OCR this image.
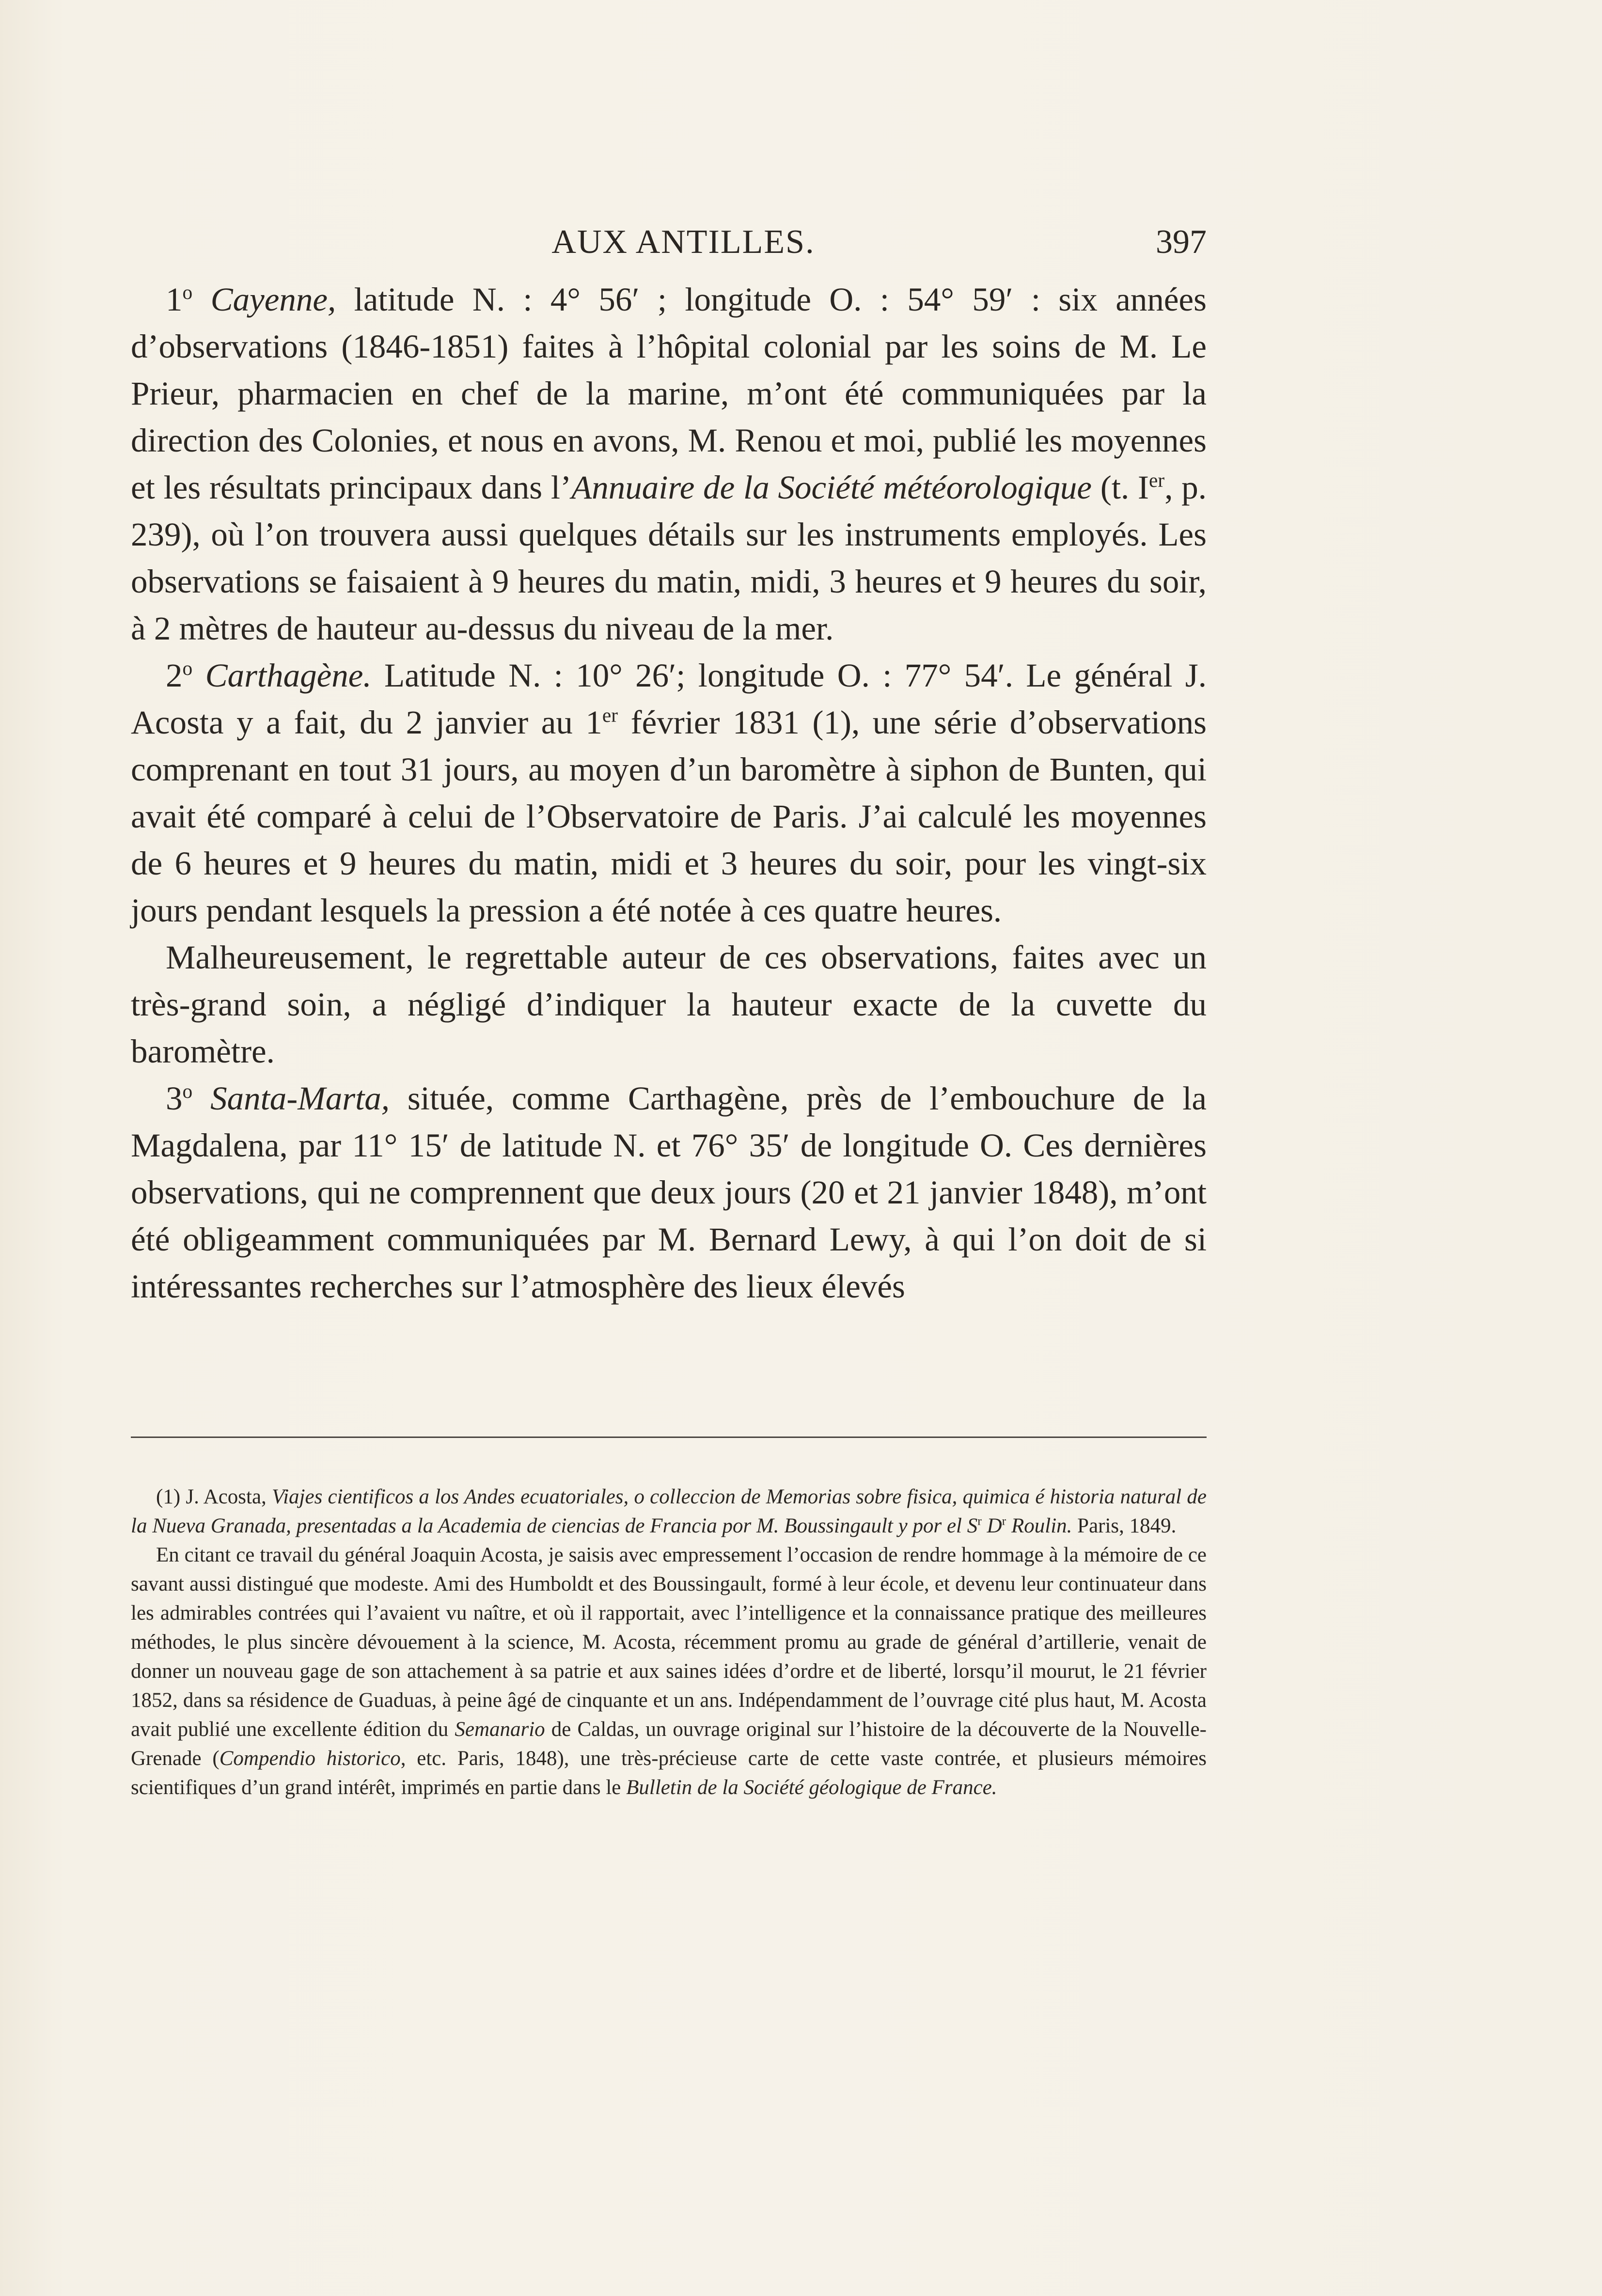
AUX ANTILLES.	397

1$^o$ Cayenne, latitude N. : 4° 56′ ; longitude O. : 54° 59′ : six années d’observations (1846-1851) faites à l’hôpital colonial par les soins de M. Le Prieur, pharmacien en chef de la marine, m’ont été communiquées par la direction des Colonies, et nous en avons, M. Renou et moi, publié les moyennes et les résultats principaux dans l’Annuaire de la Société météorologique (t. Ier, p. 239), où l’on trouvera aussi quelques détails sur les instruments employés. Les observations se faisaient à 9 heures du matin, midi, 3 heures et 9 heures du soir, à 2 mètres de hauteur au-dessus du niveau de la mer.

2$^o$ Carthagène. Latitude N. : 10° 26′; longitude O. : 77° 54′. Le général J. Acosta y a fait, du 2 janvier au 1er février 1831 (1), une série d’observations comprenant en tout 31 jours, au moyen d’un baromètre à siphon de Bunten, qui avait été comparé à celui de l’Observatoire de Paris. J’ai calculé les moyennes de 6 heures et 9 heures du matin, midi et 3 heures du soir, pour les vingt-six jours pendant lesquels la pression a été notée à ces quatre heures.

Malheureusement, le regrettable auteur de ces observations, faites avec un très-grand soin, a négligé d’indiquer la hauteur exacte de la cuvette du baromètre.

3$^o$ Santa-Marta, située, comme Carthagène, près de l’embouchure de la Magdalena, par 11° 15′ de latitude N. et 76° 35′ de longitude O. Ces dernières observations, qui ne comprennent que deux jours (20 et 21 janvier 1848), m’ont été obligeamment communiquées par M. Bernard Lewy, à qui l’on doit de si intéressantes recherches sur l’atmosphère des lieux élevés

(1) J. Acosta, Viajes cientificos a los Andes ecuatoriales, o colleccion de Memorias sobre fisica, quimica é historia natural de la Nueva Granada, presentadas a la Academia de ciencias de Francia por M. Boussingault y por el $S^r$ $D^r$ Roulin. Paris, 1849.

En citant ce travail du général Joaquin Acosta, je saisis avec empressement l’occasion de rendre hommage à la mémoire de ce savant aussi distingué que modeste. Ami des Humboldt et des Boussingault, formé à leur école, et devenu leur continuateur dans les admirables contrées qui l’avaient vu naître, et où il rapportait, avec l’intelligence et la connaissance pratique des meilleures méthodes, le plus sincère dévouement à la science, M. Acosta, récemment promu au grade de général d’artillerie, venait de donner un nouveau gage de son attachement à sa patrie et aux saines idées d’ordre et de liberté, lorsqu’il mourut, le 21 février 1852, dans sa résidence de Guaduas, à peine âgé de cinquante et un ans. Indépendamment de l’ouvrage cité plus haut, M. Acosta avait publié une excellente édition du Semanario de Caldas, un ouvrage original sur l’histoire de la découverte de la Nouvelle-Grenade (Compendio historico, etc. Paris, 1848), une très-précieuse carte de cette vaste contrée, et plusieurs mémoires scientifiques d’un grand intérêt, imprimés en partie dans le Bulletin de la Société géologique de France.
